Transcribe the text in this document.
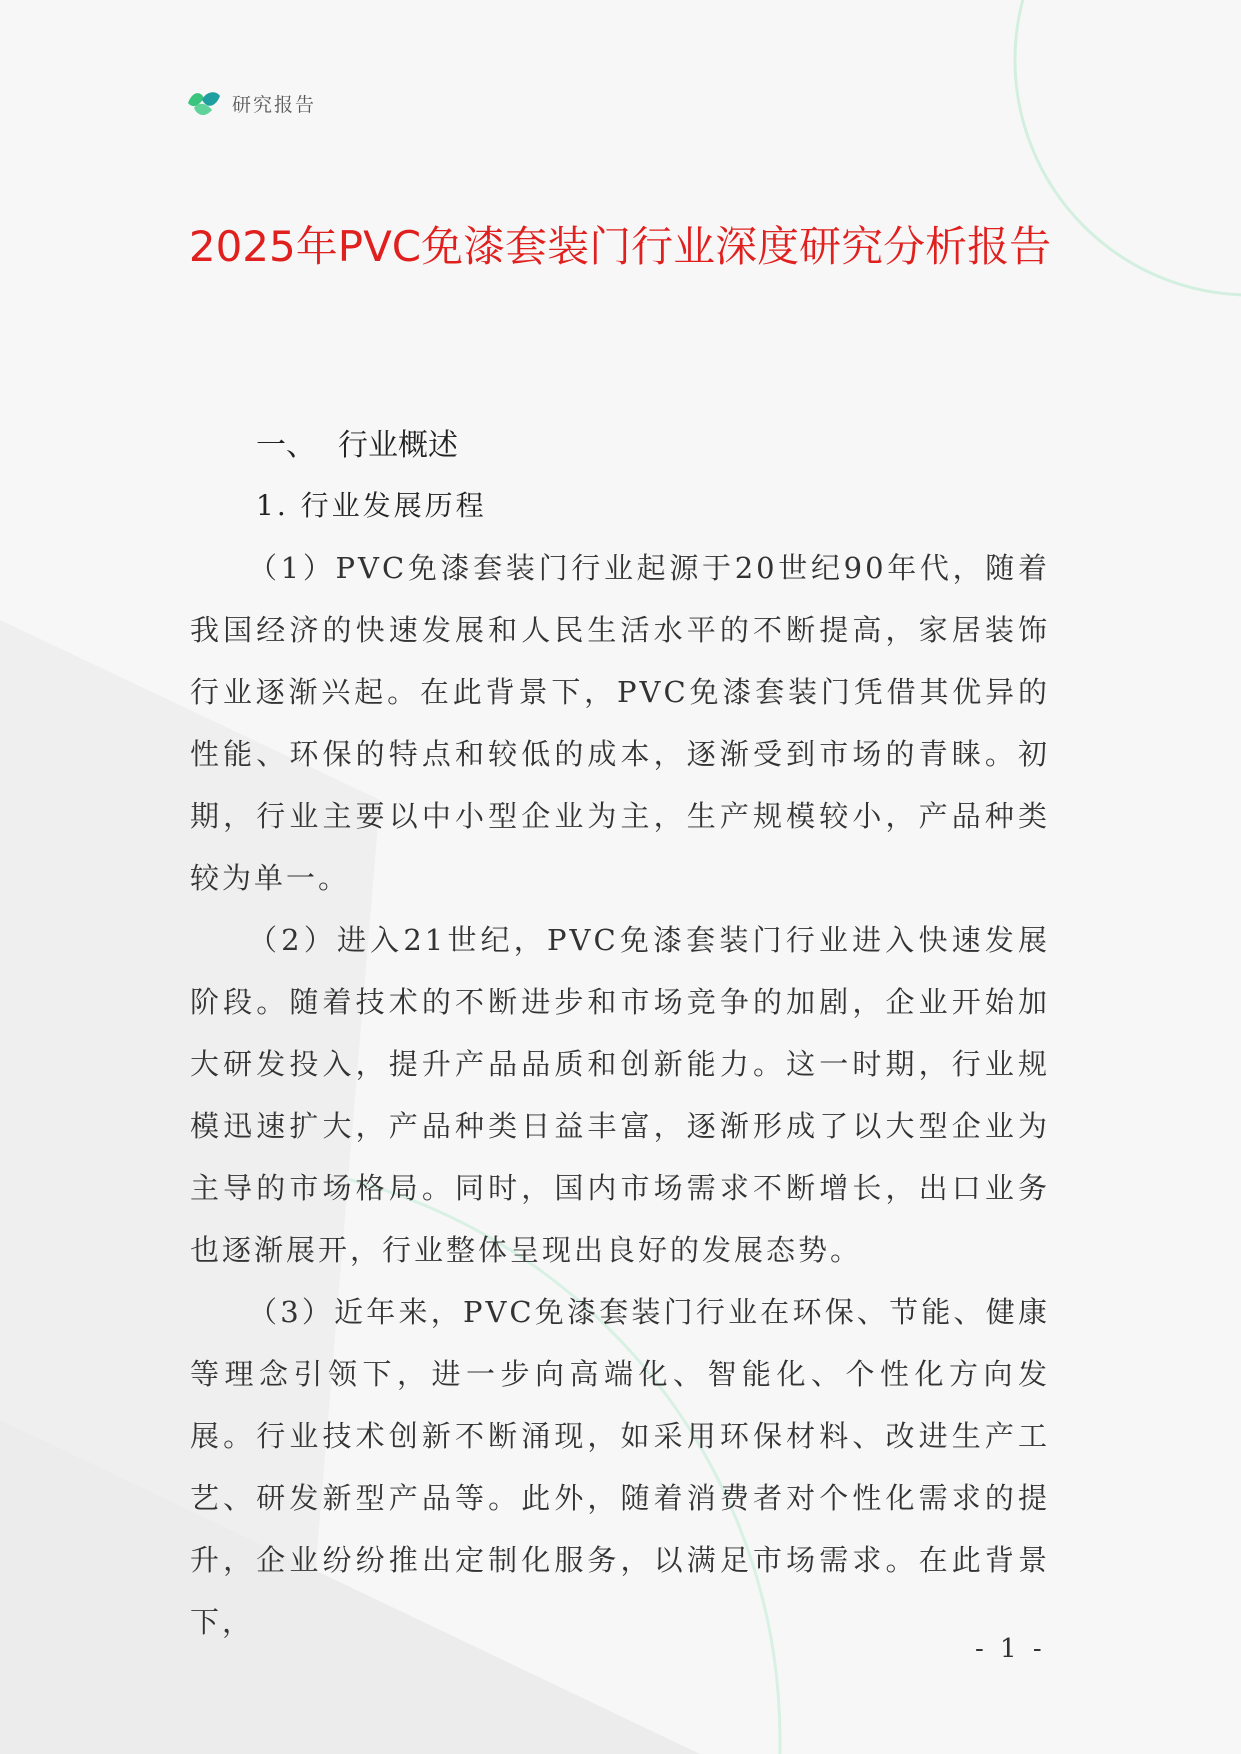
研究报告
2025年PVC免漆套装门行业深度研究分析报告
一、 行业概述
1. 行业发展历程

（1）PVC免漆套装门行业起源于20世纪90年代，随着我国经济的快速发展和人民生活水平的不断提高，家居装饰行业逐渐兴起。在此背景下，PVC免漆套装门凭借其优异的性能、环保的特点和较低的成本，逐渐受到市场的青睐。初期，行业主要以中小型企业为主，生产规模较小，产品种类较为单一。

（2）进入21世纪，PVC免漆套装门行业进入快速发展阶段。随着技术的不断进步和市场竞争的加剧，企业开始加大研发投入，提升产品品质和创新能力。这一时期，行业规模迅速扩大，产品种类日益丰富，逐渐形成了以大型企业为主导的市场格局。同时，国内市场需求不断增长，出口业务也逐渐展开，行业整体呈现出良好的发展态势。

（3）近年来，PVC免漆套装门行业在环保、节能、健康等理念引领下，进一步向高端化、智能化、个性化方向发展。行业技术创新不断涌现，如采用环保材料、改进生产工艺、研发新型产品等。此外，随着消费者对个性化需求的提升，企业纷纷推出定制化服务，以满足市场需求。在此背景下，

- 1 -
